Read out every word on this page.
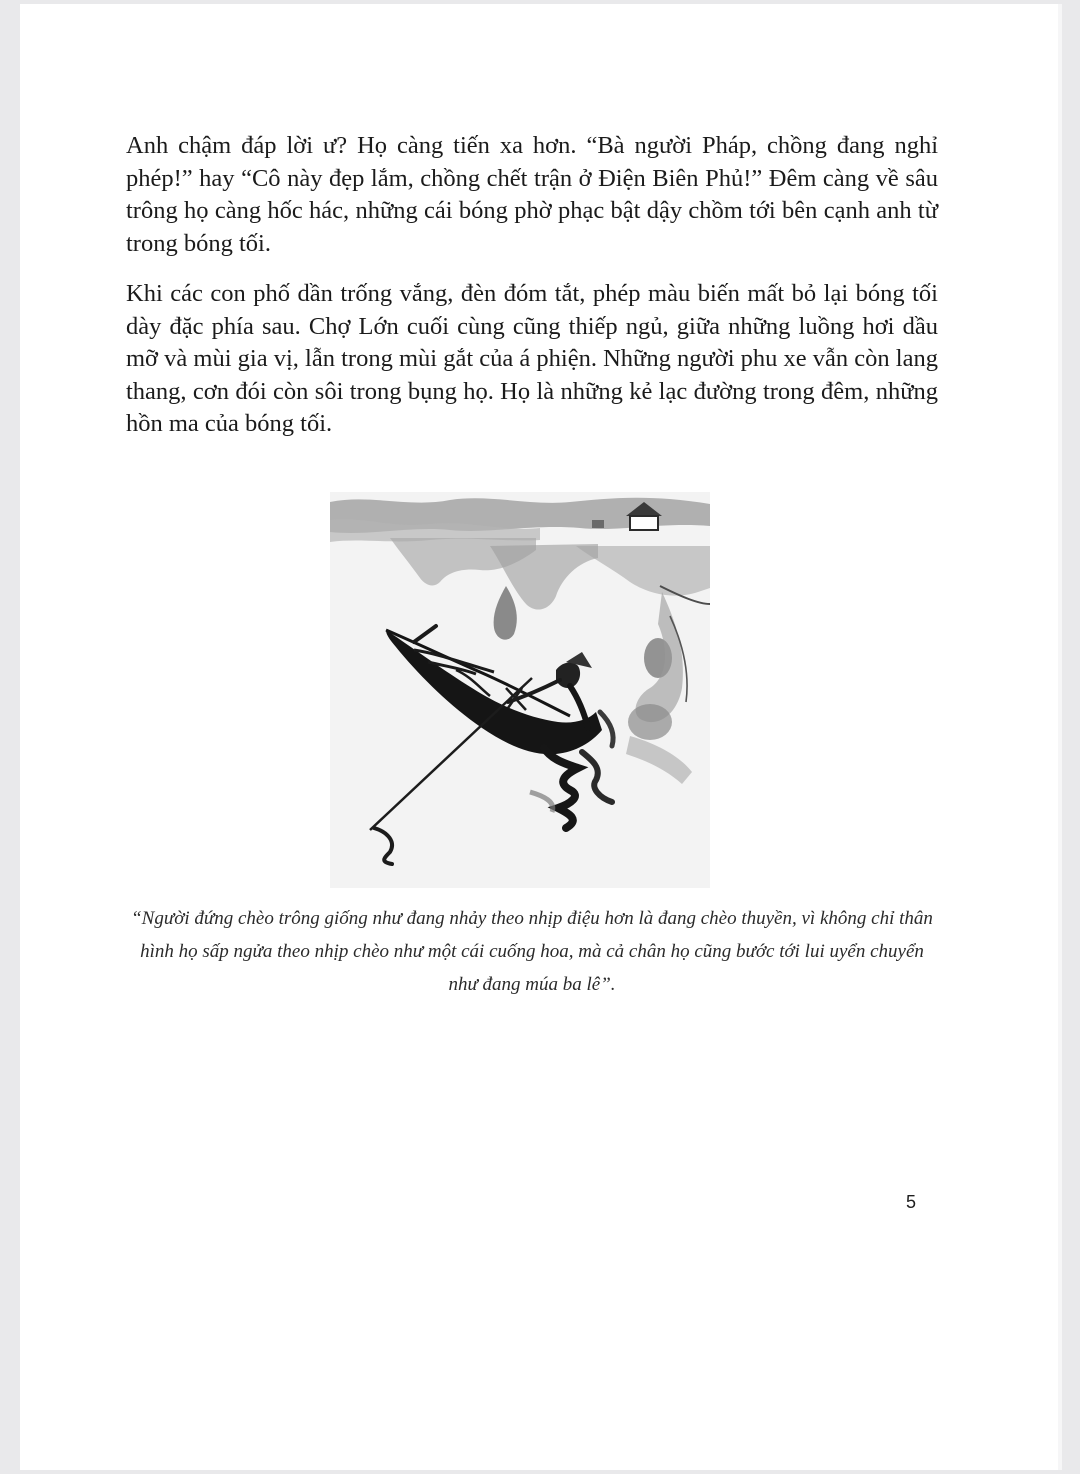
Anh chậm đáp lời ư? Họ càng tiến xa hơn. “Bà người Pháp, chồng đang nghỉ phép!” hay “Cô này đẹp lắm, chồng chết trận ở Điện Biên Phủ!” Đêm càng về sâu trông họ càng hốc hác, những cái bóng phờ phạc bật dậy chồm tới bên cạnh anh từ trong bóng tối.

Khi các con phố dần trống vắng, đèn đóm tắt, phép màu biến mất bỏ lại bóng tối dày đặc phía sau. Chợ Lớn cuối cùng cũng thiếp ngủ, giữa những luồng hơi dầu mỡ và mùi gia vị, lẫn trong mùi gắt của á phiện. Những người phu xe vẫn còn lang thang, cơn đói còn sôi trong bụng họ. Họ là những kẻ lạc đường trong đêm, những hồn ma của bóng tối.

“Người đứng chèo trông giống như đang nhảy theo nhịp điệu hơn là đang chèo thuyền, vì không chỉ thân hình họ sấp ngửa theo nhịp chèo như một cái cuống hoa, mà cả chân họ cũng bước tới lui uyển chuyển như đang múa ba lê”.

5
